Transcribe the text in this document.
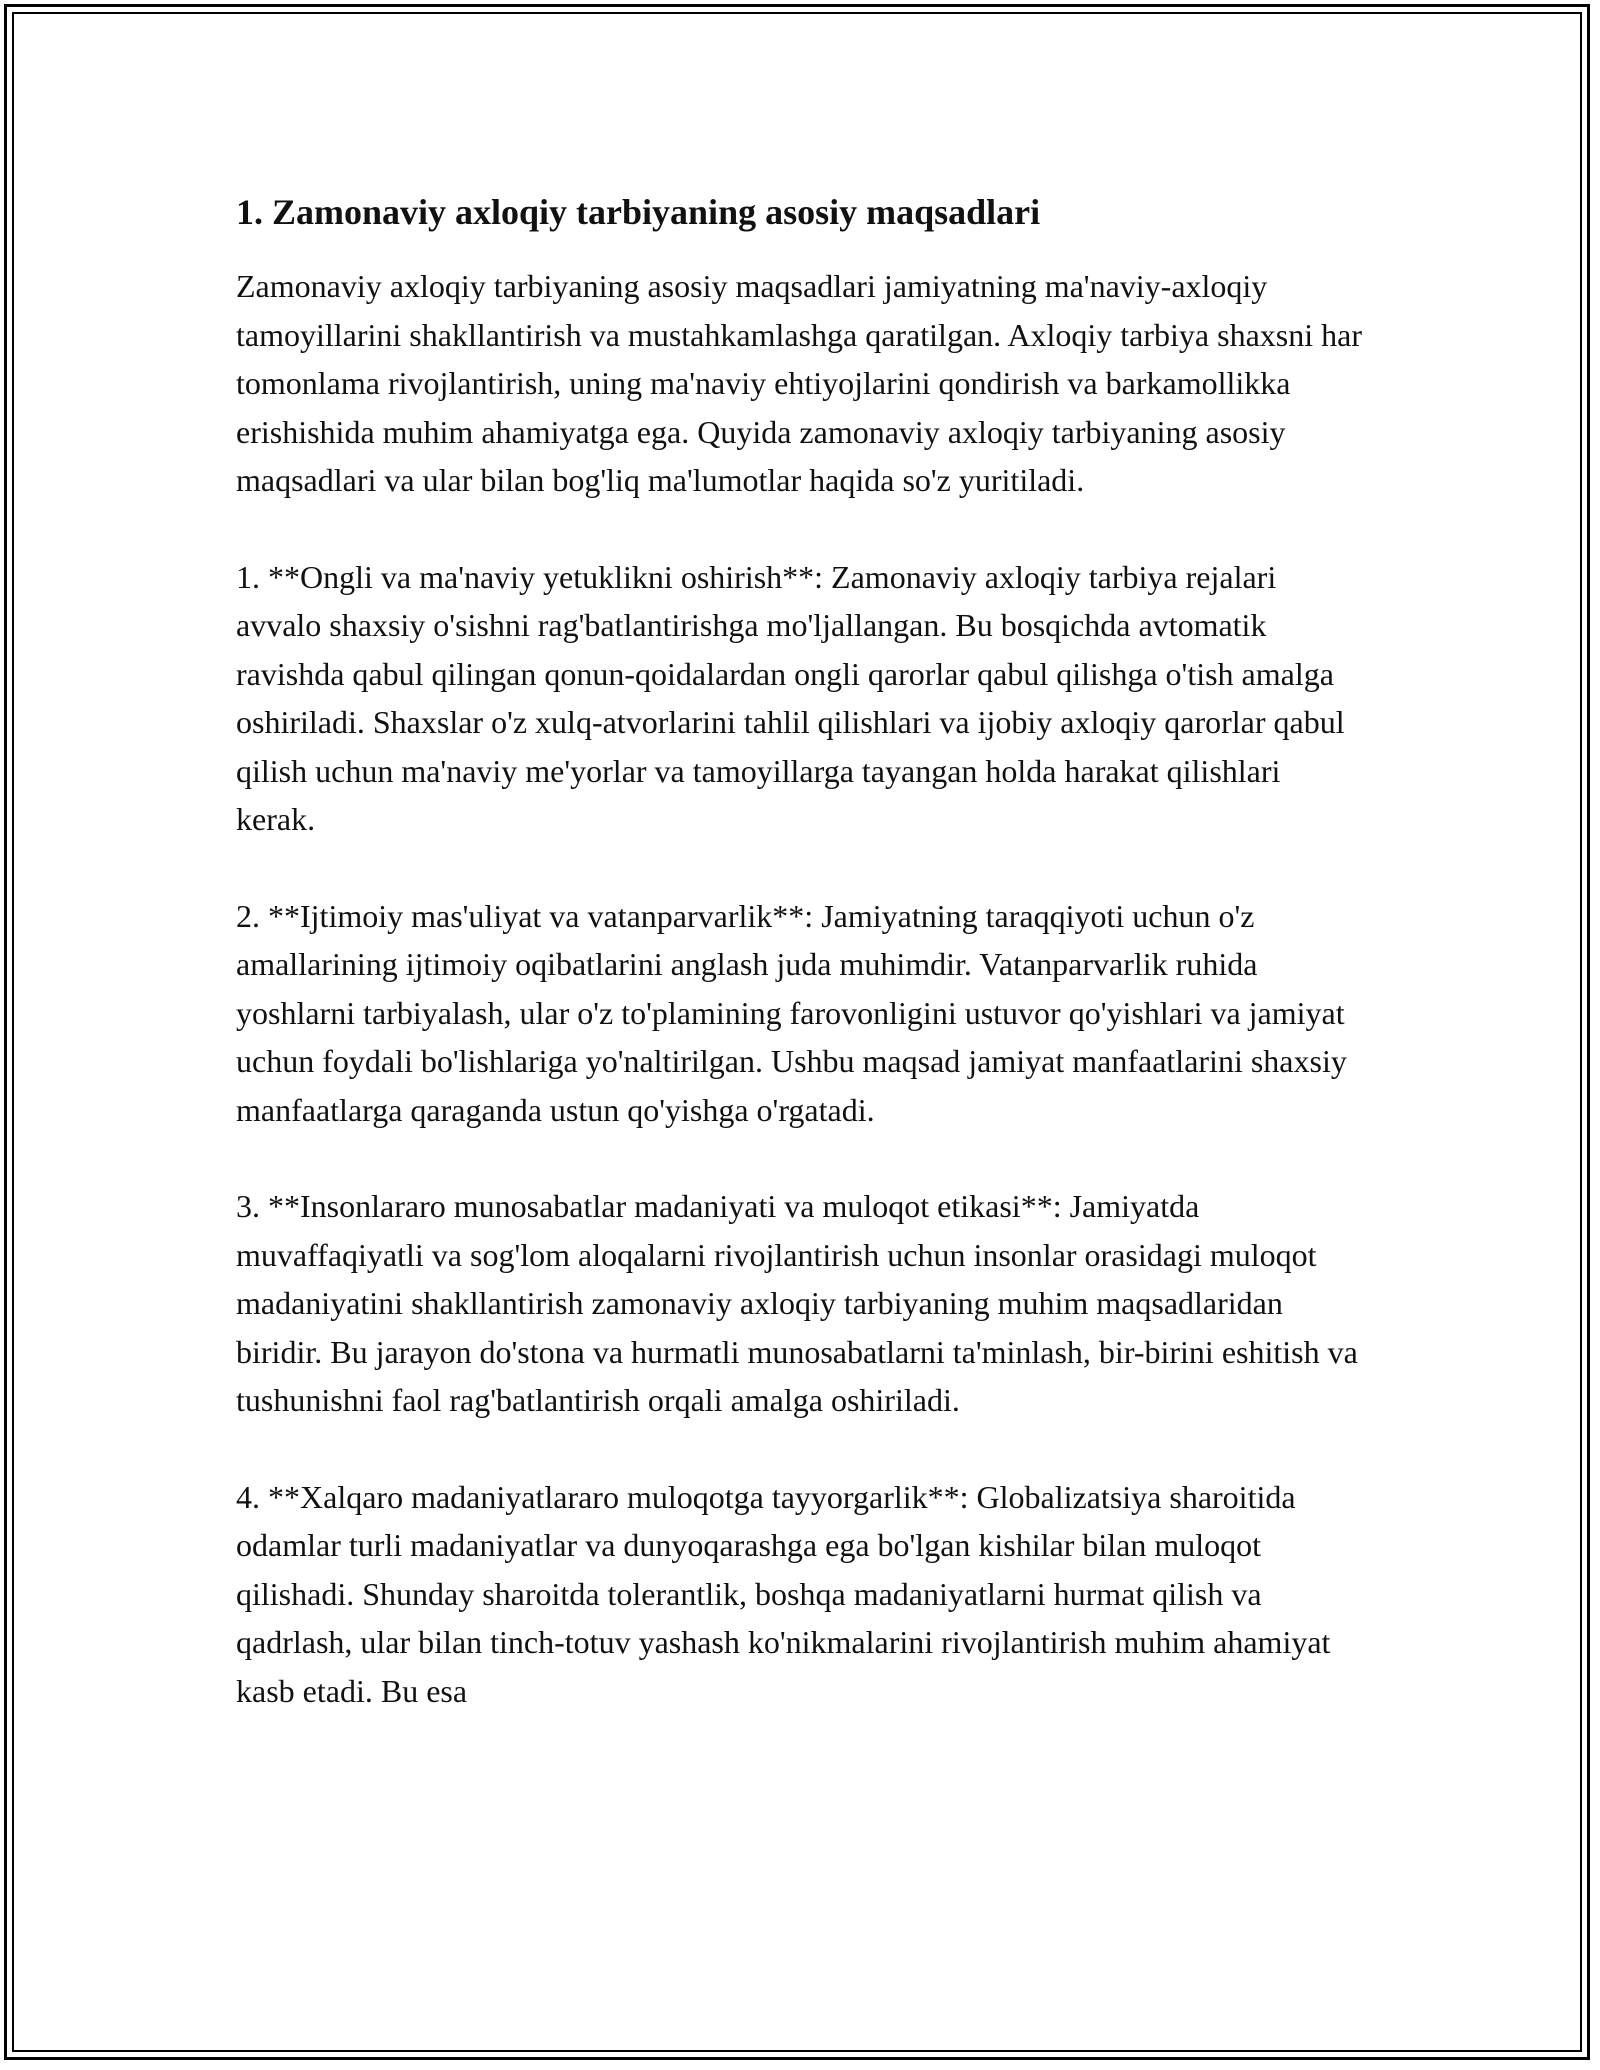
1. Zamonaviy axloqiy tarbiyaning asosiy maqsadlari

Zamonaviy axloqiy tarbiyaning asosiy maqsadlari jamiyatning ma'naviy-axloqiy tamoyillarini shakllantirish va mustahkamlashga qaratilgan. Axloqiy tarbiya shaxsni har tomonlama rivojlantirish, uning ma'naviy ehtiyojlarini qondirish va barkamollikka erishishida muhim ahamiyatga ega. Quyida zamonaviy axloqiy tarbiyaning asosiy maqsadlari va ular bilan bog'liq ma'lumotlar haqida so'z yuritiladi.

1. **Ongli va ma'naviy yetuklikni oshirish**: Zamonaviy axloqiy tarbiya rejalari avvalo shaxsiy o'sishni rag'batlantirishga mo'ljallangan. Bu bosqichda avtomatik ravishda qabul qilingan qonun-qoidalardan ongli qarorlar qabul qilishga o'tish amalga oshiriladi. Shaxslar o'z xulq-atvorlarini tahlil qilishlari va ijobiy axloqiy qarorlar qabul qilish uchun ma'naviy me'yorlar va tamoyillarga tayangan holda harakat qilishlari kerak.

2. **Ijtimoiy mas'uliyat va vatanparvarlik**: Jamiyatning taraqqiyoti uchun o'z amallarining ijtimoiy oqibatlarini anglash juda muhimdir. Vatanparvarlik ruhida yoshlarni tarbiyalash, ular o'z to'plamining farovonligini ustuvor qo'yishlari va jamiyat uchun foydali bo'lishlariga yo'naltirilgan. Ushbu maqsad jamiyat manfaatlarini shaxsiy manfaatlarga qaraganda ustun qo'yishga o'rgatadi.

3. **Insonlararo munosabatlar madaniyati va muloqot etikasi**: Jamiyatda muvaffaqiyatli va sog'lom aloqalarni rivojlantirish uchun insonlar orasidagi muloqot madaniyatini shakllantirish zamonaviy axloqiy tarbiyaning muhim maqsadlaridan biridir. Bu jarayon do'stona va hurmatli munosabatlarni ta'minlash, bir-birini eshitish va tushunishni faol rag'batlantirish orqali amalga oshiriladi.

4. **Xalqaro madaniyatlararo muloqotga tayyorgarlik**: Globalizatsiya sharoitida odamlar turli madaniyatlar va dunyoqarashga ega bo'lgan kishilar bilan muloqot qilishadi. Shunday sharoitda tolerantlik, boshqa madaniyatlarni hurmat qilish va qadrlash, ular bilan tinch-totuv yashash ko'nikmalarini rivojlantirish muhim ahamiyat kasb etadi. Bu esa
